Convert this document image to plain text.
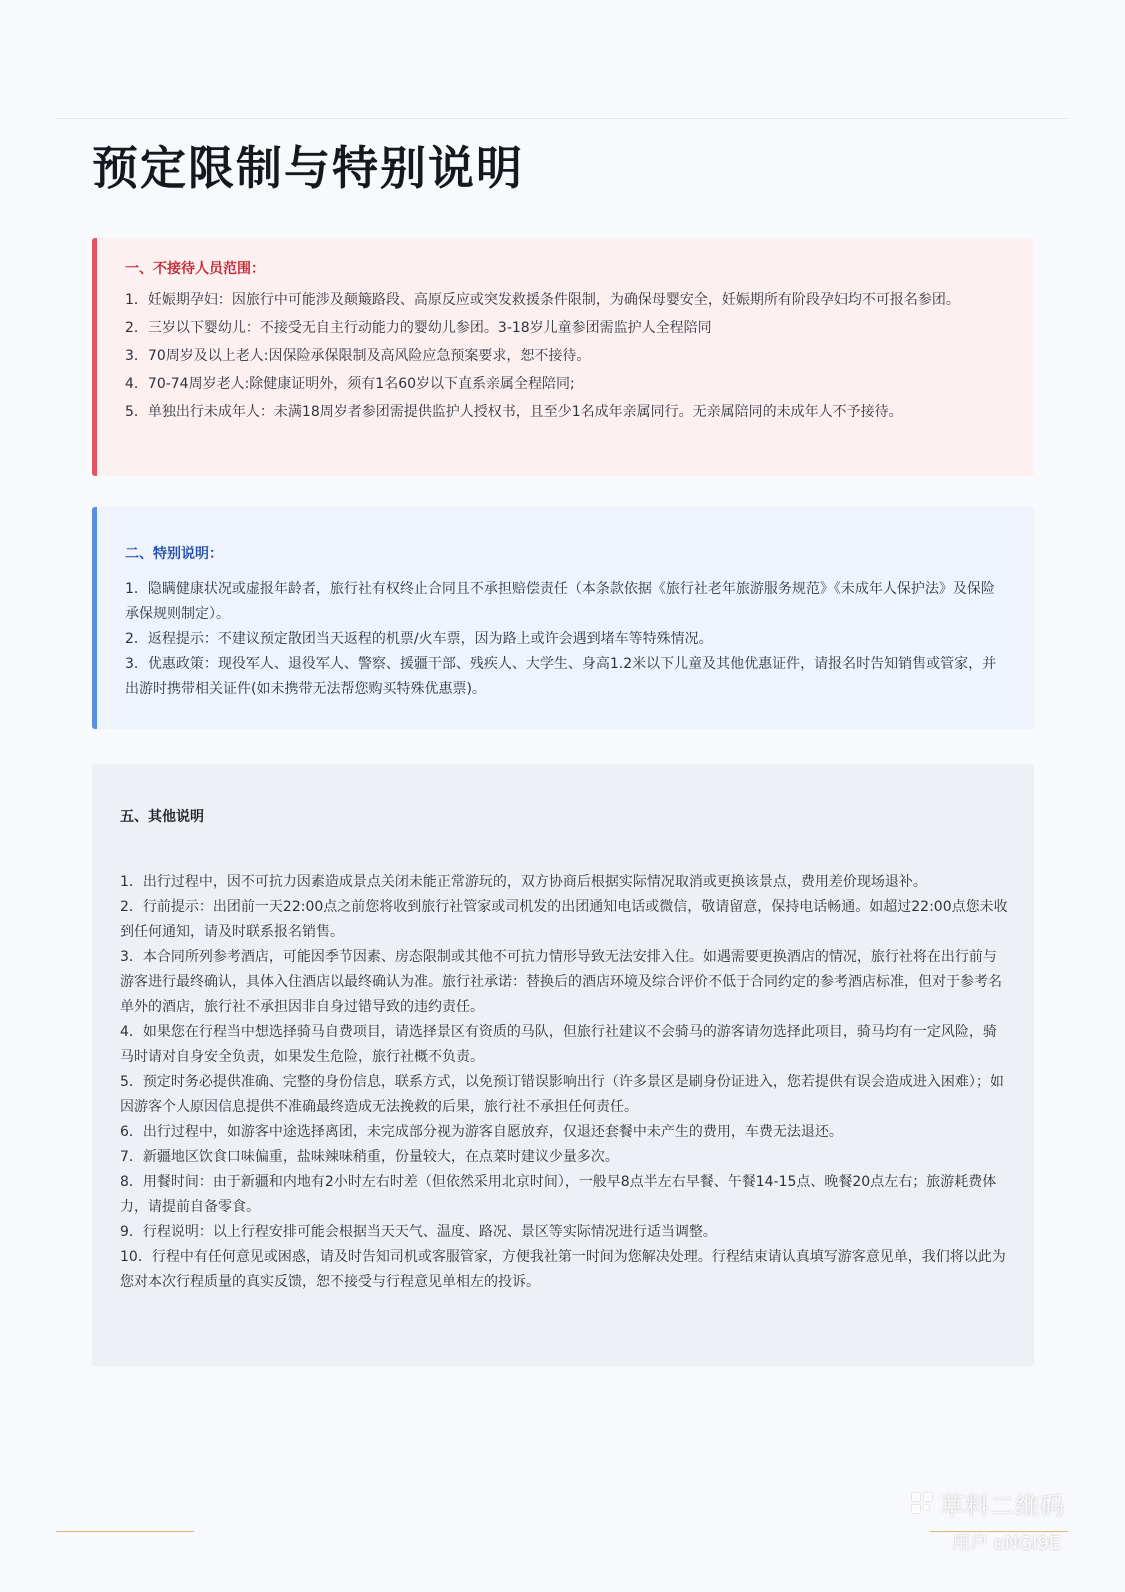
预定限制与特别说明
一、不接待人员范围：
1．妊娠期孕妇：因旅行中可能涉及颠簸路段、高原反应或突发救援条件限制，为确保母婴安全，妊娠期所有阶段孕妇均不可报名参团。
2．三岁以下婴幼儿：不接受无自主行动能力的婴幼儿参团。3-18岁儿童参团需监护人全程陪同
3．70周岁及以上老人:因保险承保限制及高风险应急预案要求，恕不接待。
4．70-74周岁老人:除健康证明外，须有1名60岁以下直系亲属全程陪同;
5．单独出行未成年人：未满18周岁者参团需提供监护人授权书，且至少1名成年亲属同行。无亲属陪同的未成年人不予接待。
二、特别说明：
1．隐瞒健康状况或虚报年龄者，旅行社有权终止合同且不承担赔偿责任（本条款依据《旅行社老年旅游服务规范》《未成年人保护法》及保险承保规则制定）。
2．返程提示：不建议预定散团当天返程的机票/火车票，因为路上或许会遇到堵车等特殊情况。
3．优惠政策：现役军人、退役军人、警察、援疆干部、残疾人、大学生、身高1.2米以下儿童及其他优惠证件，请报名时告知销售或管家，并出游时携带相关证件(如未携带无法帮您购买特殊优惠票)。
五、其他说明
1．出行过程中，因不可抗力因素造成景点关闭未能正常游玩的，双方协商后根据实际情况取消或更换该景点，费用差价现场退补。
2．行前提示：出团前一天22:00点之前您将收到旅行社管家或司机发的出团通知电话或微信，敬请留意，保持电话畅通。如超过22:00点您未收到任何通知，请及时联系报名销售。
3．本合同所列参考酒店，可能因季节因素、房态限制或其他不可抗力情形导致无法安排入住。如遇需要更换酒店的情况，旅行社将在出行前与游客进行最终确认，具体入住酒店以最终确认为准。旅行社承诺：替换后的酒店环境及综合评价不低于合同约定的参考酒店标准，但对于参考名单外的酒店，旅行社不承担因非自身过错导致的违约责任。
4．如果您在行程当中想选择骑马自费项目，请选择景区有资质的马队，但旅行社建议不会骑马的游客请勿选择此项目，骑马均有一定风险，骑马时请对自身安全负责，如果发生危险，旅行社概不负责。
5．预定时务必提供准确、完整的身份信息，联系方式，以免预订错误影响出行（许多景区是刷身份证进入，您若提供有误会造成进入困难）；如因游客个人原因信息提供不准确最终造成无法挽救的后果，旅行社不承担任何责任。
6．出行过程中，如游客中途选择离团，未完成部分视为游客自愿放弃，仅退还套餐中未产生的费用，车费无法退还。
7．新疆地区饮食口味偏重，盐味辣味稍重，份量较大，在点菜时建议少量多次。
8．用餐时间：由于新疆和内地有2小时左右时差（但依然采用北京时间），一般早8点半左右早餐、午餐14-15点、晚餐20点左右；旅游耗费体力，请提前自备零食。
9．行程说明：以上行程安排可能会根据当天天气、温度、路况、景区等实际情况进行适当调整。
10．行程中有任何意见或困惑，请及时告知司机或客服管家，方便我社第一时间为您解决处理。行程结束请认真填写游客意见单，我们将以此为您对本次行程质量的真实反馈，恕不接受与行程意见单相左的投诉。
草料二维码
用户 oNGI9E
